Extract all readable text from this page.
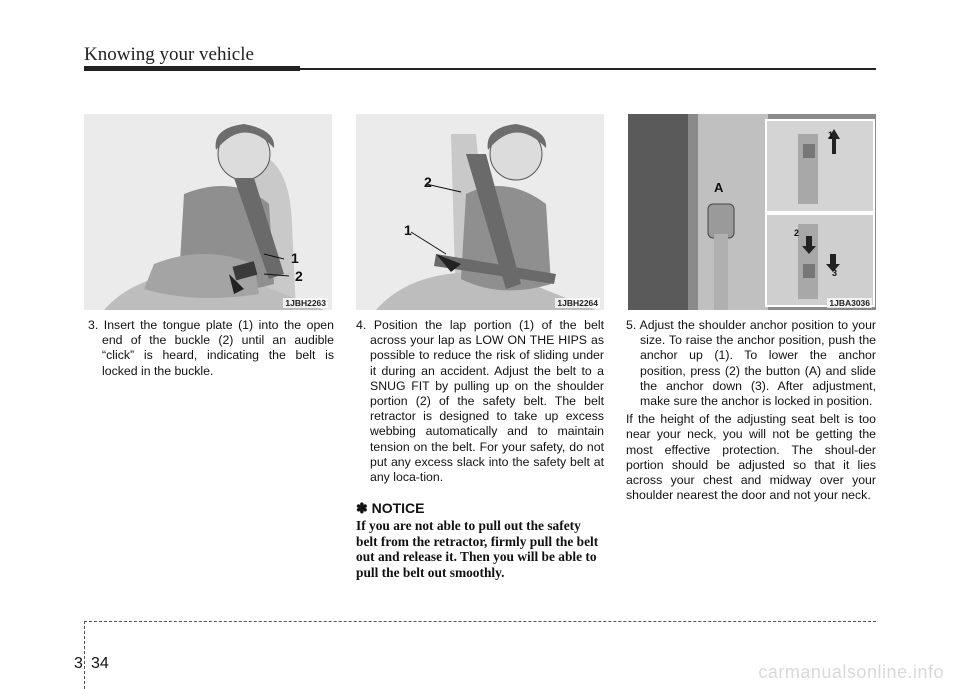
Knowing your vehicle
1
2
1JBH2263
2
1
1JBH2264
A
1
2
3
1JBA3036

3. Insert the tongue plate (1) into the open end of the buckle (2) until an audible “click” is heard, indicating the belt is locked in the buckle.

4. Position the lap portion (1) of the belt across your lap as LOW ON THE HIPS as possible to reduce the risk of sliding under it during an accident. Adjust the belt to a SNUG FIT by pulling up on the shoulder portion (2) of the safety belt. The belt retractor is designed to take up excess webbing automatically and to maintain tension on the belt. For your safety, do not put any excess slack into the safety belt at any loca-tion.

✽ NOTICE

If you are not able to pull out the safety belt from the retractor, firmly pull the belt out and release it. Then you will be able to pull the belt out smoothly.

5. Adjust the shoulder anchor position to your size. To raise the anchor position, push the anchor up (1). To lower the anchor position, press (2) the button (A) and slide the anchor down (3). After adjustment, make sure the anchor is locked in position.

If the height of the adjusting seat belt is too near your neck, you will not be getting the most effective protection. The shoul-der portion should be adjusted so that it lies across your chest and midway over your shoulder nearest the door and not your neck.

3 34	carmanualsonline.info
